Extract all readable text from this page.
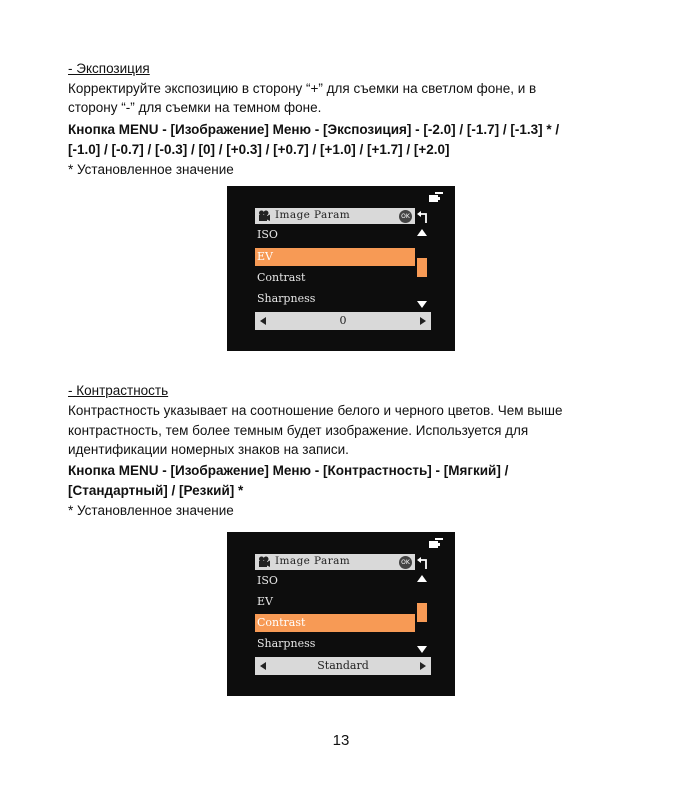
- Экспозиция
Корректируйте экспозицию в сторону “+” для съемки на светлом фоне, и в
сторону “-” для съемки на темном фоне.
Кнопка MENU - [Изображение] Меню - [Экспозиция] - [-2.0] / [-1.7] / [-1.3] * /
[-1.0] / [-0.7] / [-0.3] / [0] / [+0.3] / [+0.7] / [+1.0] / [+1.7] / [+2.0]
* Установленное значение
Image Param	OK
ISO
EV
Contrast
Sharpness
0
- Контрастность
Контрастность указывает на соотношение белого и черного цветов. Чем выше
контрастность, тем более темным будет изображение. Используется для
идентификации номерных знаков на записи.
Кнопка MENU - [Изображение] Меню - [Контрастность] - [Мягкий] /
[Стандартный] / [Резкий] *
* Установленное значение
Image Param	OK
ISO
EV
Contrast
Sharpness
Standard
13
